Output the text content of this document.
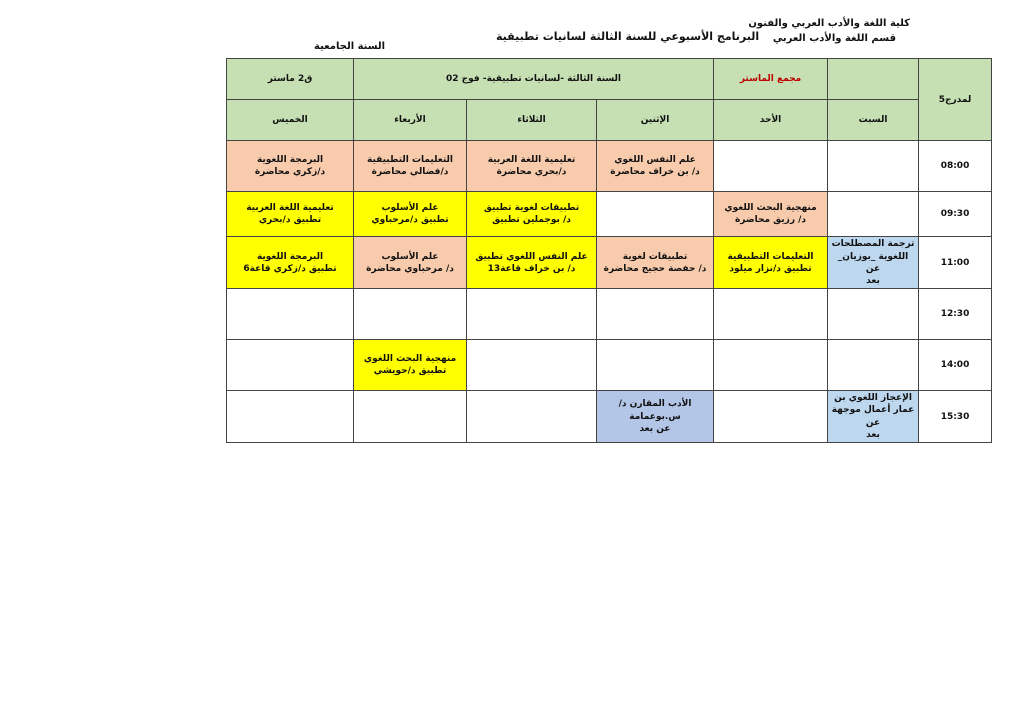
كلية اللغة والأدب العربي والفنون
قسم اللغة والأدب العربي
البرنامج الأسبوعي للسنة الثالثة لسانيات تطبيقية
السنة الجامعية
لمدرج5		مجمع الماستر	السنة الثالثة -لسانيات تطبيقية- فوج 02			ق2 ماستر
	السبت	الأحد	الإثنين	الثلاثاء	الأربعاء	الخميس
08:00			علم النفس اللغوي
د/ بن خراف محاضرة	تعليمية اللغة العربية
د/بحري محاضرة	التعليمات التطبيقية
د/فضالي محاضرة	البرمجة اللغوية
د/زكري محاضرة

09:30		منهجية البحث اللغوي
د/ رزيق محاضرة		تطبيقات لغوية تطبيق
د/ بوجملين تطبيق	علم الأسلوب
تطبيق د/مرحباوي	تعليمية اللغة العربية
تطبيق د/بحري

11:00	ترجمة المصطلحات
اللغوية _بوزيان_ عن
بعد	التعليمات التطبيقية
تطبيق د/نزار ميلود	تطبيقات لغوية
د/ حفصة حجيج محاضرة	علم النفس اللغوي تطبيق
د/ بن خراف قاعة13	علم الأسلوب
د/ مرحباوي محاضرة	البرمجة اللغوية
تطبيق د/زكري قاعة6

12:30						
14:00					منهجية البحث اللغوي
تطبيق د/حويشي	

15:30	الإعجاز اللغوي بن
عمار أعمال موجهة عن
بعد		الأدب المقارن د/س.بوعمامة
عن بعد			
